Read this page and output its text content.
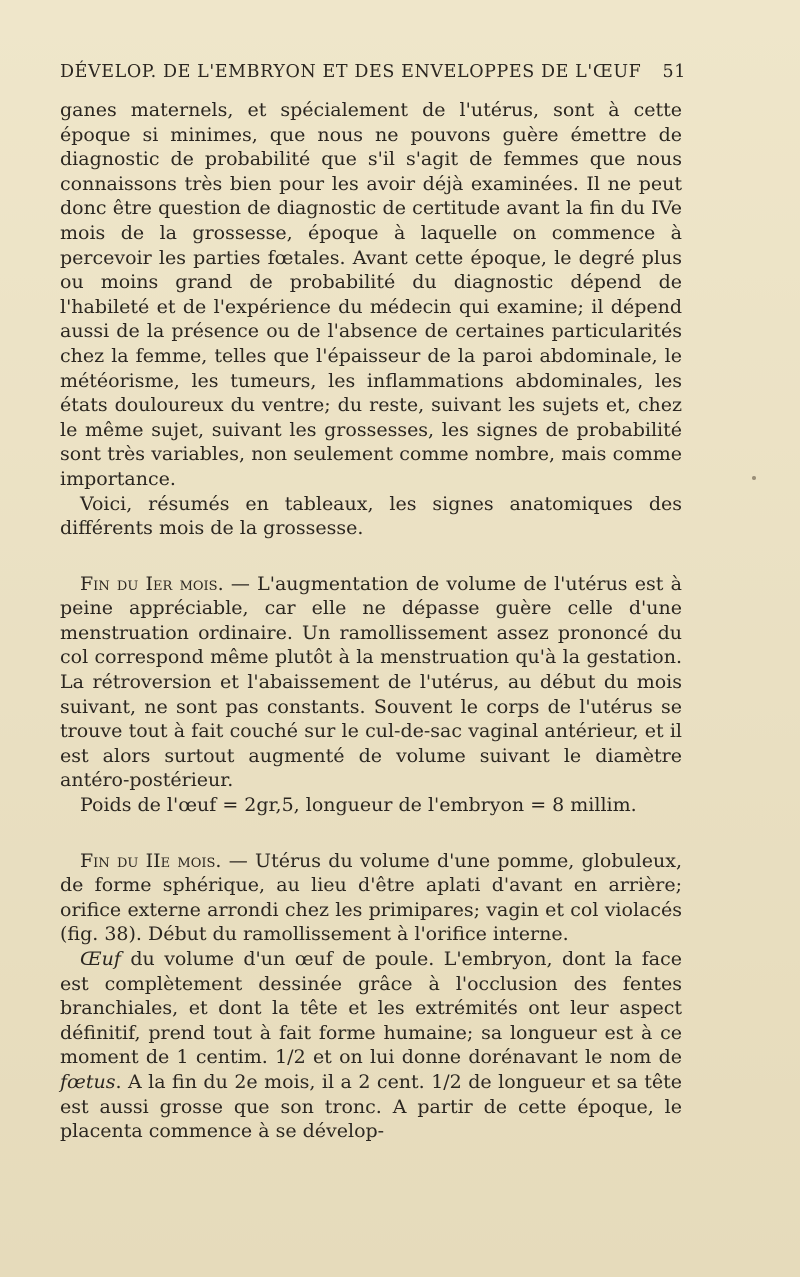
DÉVELOP. DE L'EMBRYON ET DES ENVELOPPES DE L'ŒUF 51

ganes maternels, et spécialement de l'utérus, sont à cette époque si minimes, que nous ne pouvons guère émettre de diagnostic de probabilité que s'il s'agit de femmes que nous connaissons très bien pour les avoir déjà examinées. Il ne peut donc être question de diagnostic de certitude avant la fin du IVe mois de la grossesse, époque à laquelle on commence à percevoir les parties fœtales. Avant cette époque, le degré plus ou moins grand de probabilité du diagnostic dépend de l'habileté et de l'expérience du médecin qui examine; il dépend aussi de la présence ou de l'absence de certaines particularités chez la femme, telles que l'épaisseur de la paroi abdominale, le météorisme, les tumeurs, les inflammations abdominales, les états douloureux du ventre; du reste, suivant les sujets et, chez le même sujet, suivant les grossesses, les signes de probabilité sont très variables, non seulement comme nombre, mais comme importance.

Voici, résumés en tableaux, les signes anatomiques des différents mois de la grossesse.

Fin du Ier mois. — L'augmentation de volume de l'utérus est à peine appréciable, car elle ne dépasse guère celle d'une menstruation ordinaire. Un ramollissement assez prononcé du col correspond même plutôt à la menstruation qu'à la gestation. La rétroversion et l'abaissement de l'utérus, au début du mois suivant, ne sont pas constants. Souvent le corps de l'utérus se trouve tout à fait couché sur le cul-de-sac vaginal antérieur, et il est alors surtout augmenté de volume suivant le diamètre antéro-postérieur.

Poids de l'œuf = 2gr,5, longueur de l'embryon = 8 millim.

Fin du IIe mois. — Utérus du volume d'une pomme, globuleux, de forme sphérique, au lieu d'être aplati d'avant en arrière; orifice externe arrondi chez les primipares; vagin et col violacés (fig. 38). Début du ramollissement à l'orifice interne.

Œuf du volume d'un œuf de poule. L'embryon, dont la face est complètement dessinée grâce à l'occlusion des fentes branchiales, et dont la tête et les extrémités ont leur aspect définitif, prend tout à fait forme humaine; sa longueur est à ce moment de 1 centim. 1/2 et on lui donne dorénavant le nom de fœtus. A la fin du 2e mois, il a 2 cent. 1/2 de longueur et sa tête est aussi grosse que son tronc. A partir de cette époque, le placenta commence à se dévelop-
